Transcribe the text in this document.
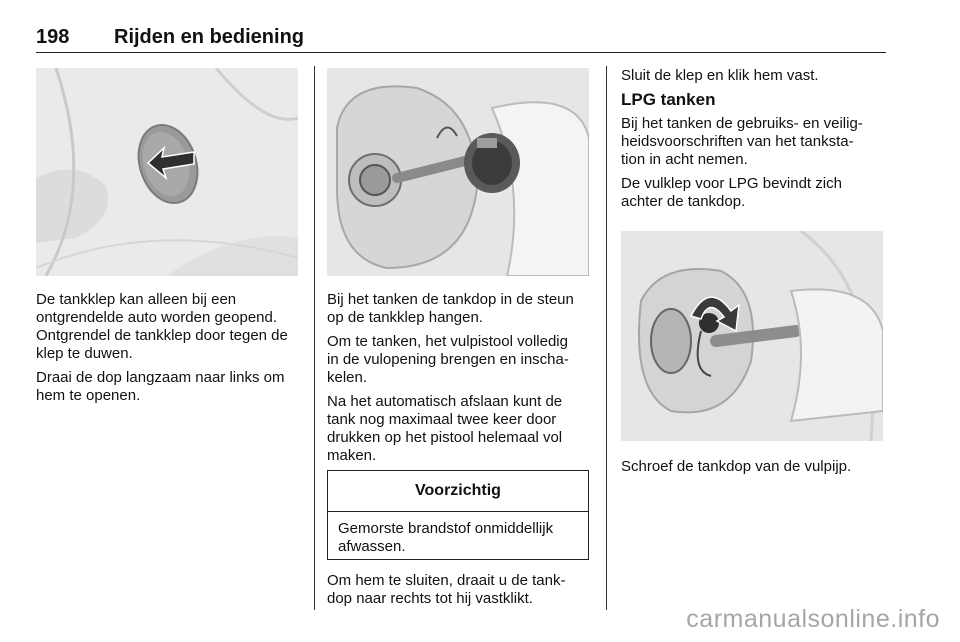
198 Rijden en bediening

De tankklep kan alleen bij een
ontgrendelde auto worden geopend.
Ontgrendel de tankklep door tegen de
klep te duwen.

Draai de dop langzaam naar links om
hem te openen.

Bij het tanken de tankdop in de steun
op de tankklep hangen.

Om te tanken, het vulpistool volledig
in de vulopening brengen en inscha-
kelen.

Na het automatisch afslaan kunt de
tank nog maximaal twee keer door
drukken op het pistool helemaal vol
maken.

Voorzichtig
Gemorste brandstof onmiddellijk
afwassen.

Om hem te sluiten, draait u de tank-
dop naar rechts tot hij vastklikt.

Sluit de klep en klik hem vast.

LPG tanken

Bij het tanken de gebruiks- en veilig-
heidsvoorschriften van het tanksta-
tion in acht nemen.

De vulklep voor LPG bevindt zich
achter de tankdop.

Schroef de tankdop van de vulpijp.

carmanualsonline.info
